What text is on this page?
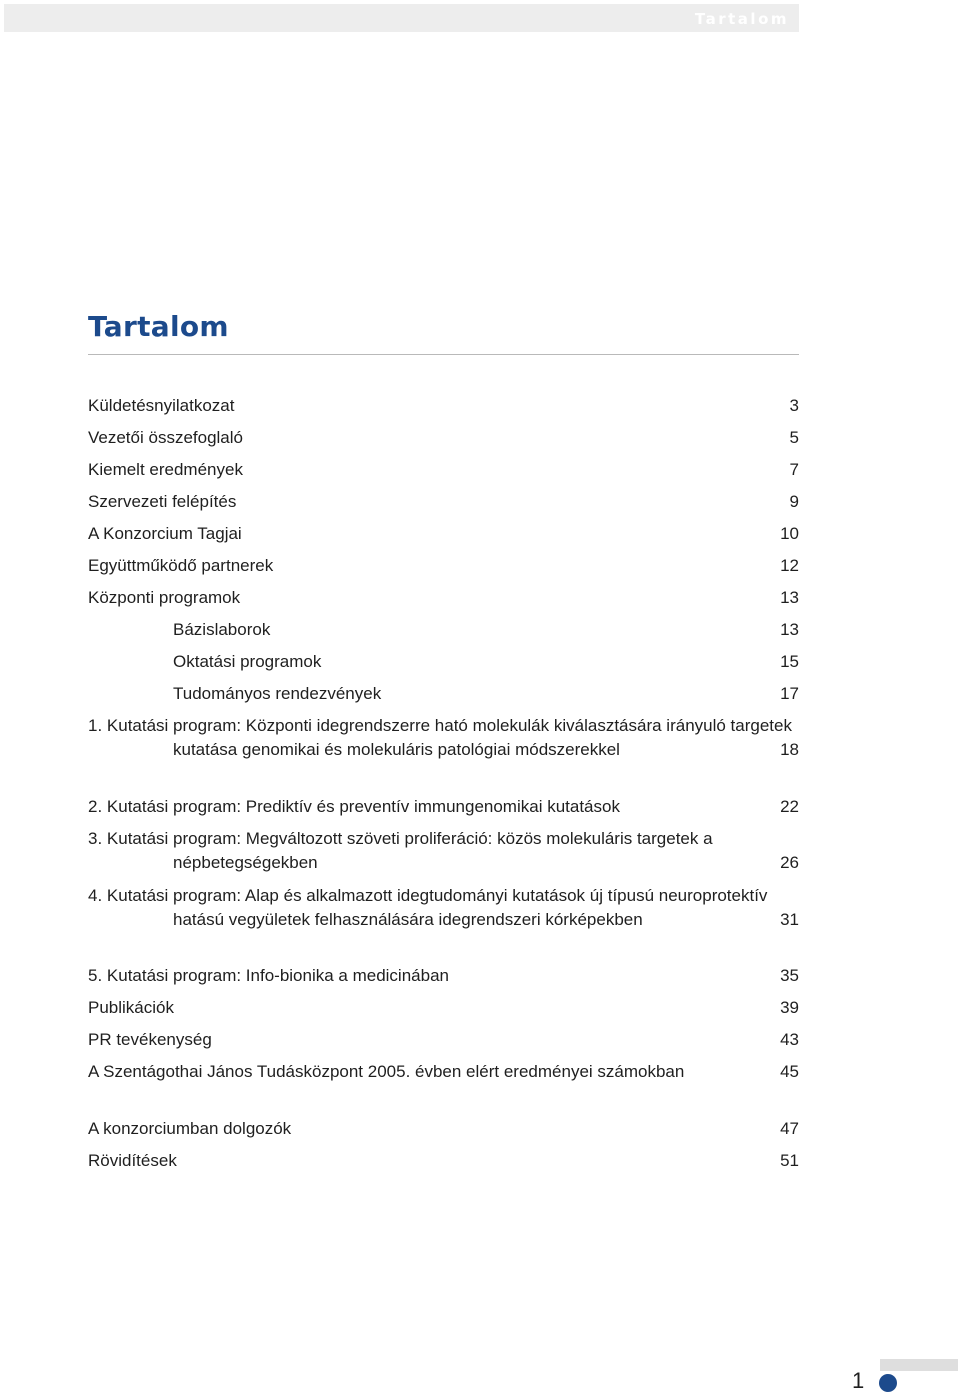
Tartalom
Tartalom
Küldetésnyilatkozat	3
Vezetői összefoglaló	5
Kiemelt eredmények	7
Szervezeti felépítés	9
A Konzorcium Tagjai	10
Együttműködő partnerek	12
Központi programok	13
Bázislaborok	13
Oktatási programok	15
Tudományos rendezvények	17
1. Kutatási program: Központi idegrendszerre ható molekulák kiválasztására irányuló targetek kutatása genomikai és molekuláris patológiai módszerekkel	18
2. Kutatási program: Prediktív és preventív immungenomikai kutatások	22
3. Kutatási program: Megváltozott szöveti proliferáció: közös molekuláris targetek a népbetegségekben	26
4. Kutatási program: Alap és alkalmazott idegtudományi kutatások új típusú neuroprotektív hatású vegyületek felhasználására idegrendszeri kórképekben	31
5. Kutatási program: Info-bionika a medicinában	35
Publikációk	39
PR tevékenység	43
A Szentágothai János Tudásközpont 2005. évben elért eredményei számokban	45
A konzorciumban dolgozók	47
Rövidítések	51
1
